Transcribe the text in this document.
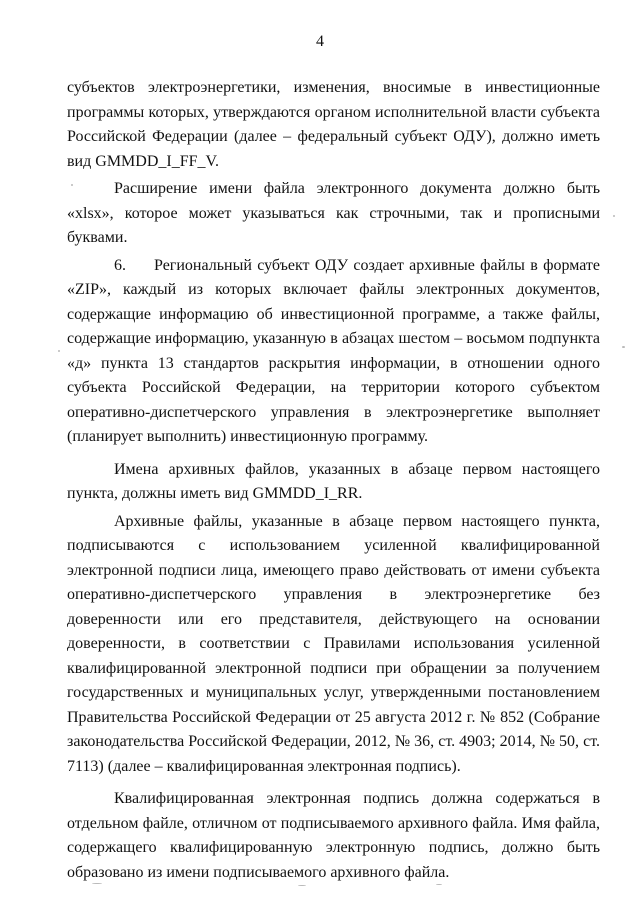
4

субъектов электроэнергетики, изменения, вносимые в инвестиционные программы которых, утверждаются органом исполнительной власти субъекта Российской Федерации (далее – федеральный субъект ОДУ), должно иметь вид GMMDD_I_FF_V.

Расширение имени файла электронного документа должно быть «xlsx», которое может указываться как строчными, так и прописными буквами.

6. Региональный субъект ОДУ создает архивные файлы в формате «ZIP», каждый из которых включает файлы электронных документов, содержащие информацию об инвестиционной программе, а также файлы, содержащие информацию, указанную в абзацах шестом – восьмом подпункта «д» пункта 13 стандартов раскрытия информации, в отношении одного субъекта Российской Федерации, на территории которого субъектом оперативно-диспетчерского управления в электроэнергетике выполняет (планирует выполнить) инвестиционную программу.

Имена архивных файлов, указанных в абзаце первом настоящего пункта, должны иметь вид GMMDD_I_RR.

Архивные файлы, указанные в абзаце первом настоящего пункта, подписываются с использованием усиленной квалифицированной электронной подписи лица, имеющего право действовать от имени субъекта оперативно-диспетчерского управления в электроэнергетике без доверенности или его представителя, действующего на основании доверенности, в соответствии с Правилами использования усиленной квалифицированной электронной подписи при обращении за получением государственных и муниципальных услуг, утвержденными постановлением Правительства Российской Федерации от 25 августа 2012 г. № 852 (Собрание законодательства Российской Федерации, 2012, № 36, ст. 4903; 2014, № 50, ст. 7113) (далее – квалифицированная электронная подпись).

Квалифицированная электронная подпись должна содержаться в отдельном файле, отличном от подписываемого архивного файла. Имя файла, содержащего квалифицированную электронную подпись, должно быть образовано из имени подписываемого архивного файла.
